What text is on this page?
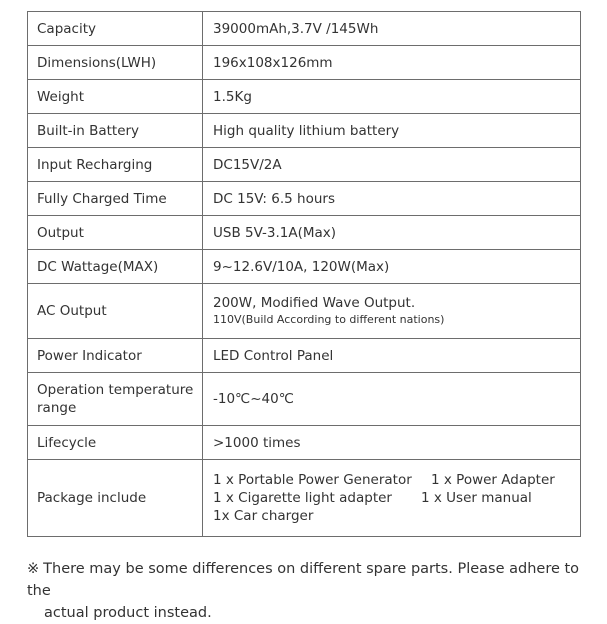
Capacity	39000mAh,3.7V /145Wh
Dimensions(LWH)	196x108x126mm
Weight	1.5Kg
Built-in Battery	High quality lithium battery
Input Recharging	DC15V/2A
Fully Charged Time	DC 15V: 6.5 hours
Output	USB 5V-3.1A(Max)
DC Wattage(MAX)	9~12.6V/10A, 120W(Max)
AC Output	200W, Modified Wave Output.
110V(Build According to different nations)

Power Indicator	LED Control Panel
Operation temperature range	-10℃~40℃
Lifecycle	>1000 times
Package include	1 x Portable Power Generator 1 x Power Adapter
1 x Cigarette light adapter 1 x User manual
1x Car charger
※ There may be some differences on different spare parts. Please adhere to the
actual product instead.
